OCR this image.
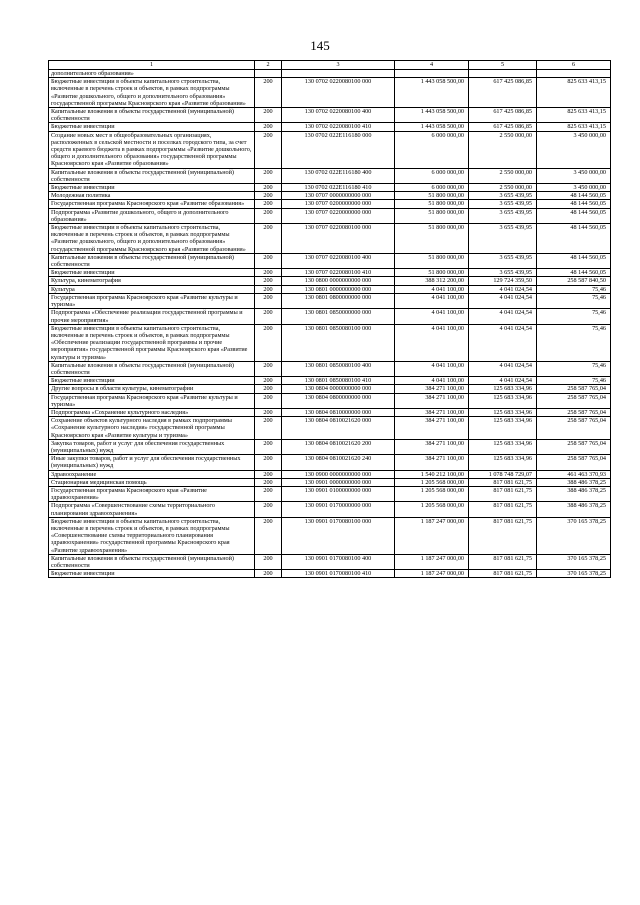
145
1	2	3	4	5	6
дополнительного образования»					
Бюджетные инвестиции в объекты капитального строительства, включенные в перечень строек и объектов, в рамках подпрограммы «Развитие дошкольного, общего и дополнительного образования» государственной программы Красноярского края «Развитие образования»	200	130 0702 0220080100 000	1 443 058 500,00	617 425 086,85	825 633 413,15
Капитальные вложения в объекты государственной (муниципальной) собственности	200	130 0702 0220080100 400	1 443 058 500,00	617 425 086,85	825 633 413,15
Бюджетные инвестиции	200	130 0702 0220080100 410	1 443 058 500,00	617 425 086,85	825 633 413,15
Создание новых мест в общеобразовательных организациях, расположенных в сельской местности и поселках городского типа, за счет средств краевого бюджета в рамках подпрограммы «Развитие дошкольного, общего и дополнительного образования» государственной программы Красноярского края «Развитие образования»	200	130 0702 022E116180 000	6 000 000,00	2 550 000,00	3 450 000,00
Капитальные вложения в объекты государственной (муниципальной) собственности	200	130 0702 022E116180 400	6 000 000,00	2 550 000,00	3 450 000,00
Бюджетные инвестиции	200	130 0702 022E116180 410	6 000 000,00	2 550 000,00	3 450 000,00
Молодежная политика	200	130 0707 0000000000 000	51 800 000,00	3 655 439,95	48 144 560,05
Государственная программа Красноярского края «Развитие образования»	200	130 0707 0200000000 000	51 800 000,00	3 655 439,95	48 144 560,05
Подпрограмма «Развитие дошкольного, общего и дополнительного образования»	200	130 0707 0220000000 000	51 800 000,00	3 655 439,95	48 144 560,05
Бюджетные инвестиции в объекты капитального строительства, включенные в перечень строек и объектов, в рамках подпрограммы «Развитие дошкольного, общего и дополнительного образования» государственной программы Красноярского края «Развитие образования»	200	130 0707 0220080100 000	51 800 000,00	3 655 439,95	48 144 560,05
Капитальные вложения в объекты государственной (муниципальной) собственности	200	130 0707 0220080100 400	51 800 000,00	3 655 439,95	48 144 560,05
Бюджетные инвестиции	200	130 0707 0220080100 410	51 800 000,00	3 655 439,95	48 144 560,05
Культура, кинематография	200	130 0800 0000000000 000	388 312 200,00	129 724 359,50	258 587 840,50
Культура	200	130 0801 0000000000 000	4 041 100,00	4 041 024,54	75,46
Государственная программа Красноярского края «Развитие культуры и туризма»	200	130 0801 0800000000 000	4 041 100,00	4 041 024,54	75,46
Подпрограмма «Обеспечение реализации государственной программы и прочие мероприятия»	200	130 0801 0850000000 000	4 041 100,00	4 041 024,54	75,46
Бюджетные инвестиции в объекты капитального строительства, включенные в перечень строек и объектов, в рамках подпрограммы «Обеспечение реализации государственной программы и прочие мероприятия» государственной программы Красноярского края «Развитие культуры и туризма»	200	130 0801 0850080100 000	4 041 100,00	4 041 024,54	75,46
Капитальные вложения в объекты государственной (муниципальной) собственности	200	130 0801 0850080100 400	4 041 100,00	4 041 024,54	75,46
Бюджетные инвестиции	200	130 0801 0850080100 410	4 041 100,00	4 041 024,54	75,46
Другие вопросы в области культуры, кинематографии	200	130 0804 0000000000 000	384 271 100,00	125 683 334,96	258 587 765,04
Государственная программа Красноярского края «Развитие культуры и туризма»	200	130 0804 0800000000 000	384 271 100,00	125 683 334,96	258 587 765,04
Подпрограмма «Сохранение культурного наследия»	200	130 0804 0810000000 000	384 271 100,00	125 683 334,96	258 587 765,04
Сохранение объектов культурного наследия в рамках подпрограммы «Сохранение культурного наследия» государственной программы Красноярского края «Развитие культуры и туризма»	200	130 0804 0810021620 000	384 271 100,00	125 683 334,96	258 587 765,04
Закупка товаров, работ и услуг для обеспечения государственных (муниципальных) нужд	200	130 0804 0810021620 200	384 271 100,00	125 683 334,96	258 587 765,04
Иные закупки товаров, работ и услуг для обеспечения государственных (муниципальных) нужд	200	130 0804 0810021620 240	384 271 100,00	125 683 334,96	258 587 765,04
Здравоохранение	200	130 0900 0000000000 000	1 540 212 100,00	1 078 748 729,07	461 463 370,93
Стационарная медицинская помощь	200	130 0901 0000000000 000	1 205 568 000,00	817 081 621,75	388 486 378,25
Государственная программа Красноярского края «Развитие здравоохранения»	200	130 0901 0100000000 000	1 205 568 000,00	817 081 621,75	388 486 378,25
Подпрограмма «Совершенствование схемы территориального планирования здравоохранения»	200	130 0901 0170000000 000	1 205 568 000,00	817 081 621,75	388 486 378,25
Бюджетные инвестиции в объекты капитального строительства, включенные в перечень строек и объектов, в рамках подпрограммы «Совершенствование схемы территориального планирования здравоохранения» государственной программы Красноярского края «Развитие здравоохранения»	200	130 0901 0170080100 000	1 187 247 000,00	817 081 621,75	370 165 378,25
Капитальные вложения в объекты государственной (муниципальной) собственности	200	130 0901 0170080100 400	1 187 247 000,00	817 081 621,75	370 165 378,25
Бюджетные инвестиции	200	130 0901 0170080100 410	1 187 247 000,00	817 081 621,75	370 165 378,25
